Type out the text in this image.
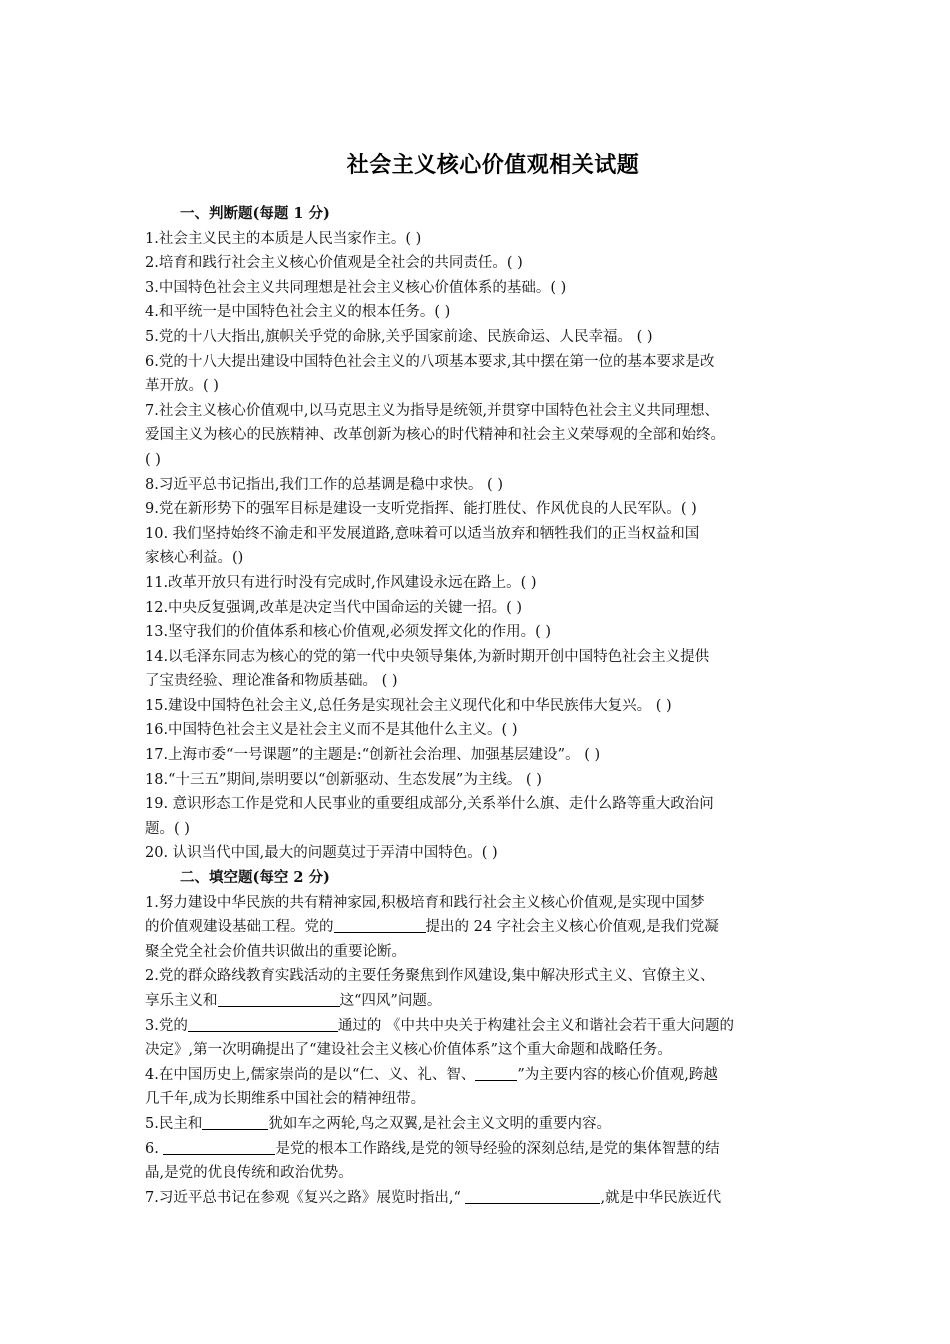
社会主义核心价值观相关试题
一、判断题(每题 1 分)
1.社会主义民主的本质是人民当家作主。( )
2.培育和践行社会主义核心价值观是全社会的共同责任。( )
3.中国特色社会主义共同理想是社会主义核心价值体系的基础。( )
4.和平统一是中国特色社会主义的根本任务。( )
5.党的十八大指出,旗帜关乎党的命脉,关乎国家前途、民族命运、人民幸福。 ( )
6.党的十八大提出建设中国特色社会主义的八项基本要求,其中摆在第一位的基本要求是改
革开放。( )
7.社会主义核心价值观中,以马克思主义为指导是统领,并贯穿中国特色社会主义共同理想、
爱国主义为核心的民族精神、改革创新为核心的时代精神和社会主义荣辱观的全部和始终。
( )
8.习近平总书记指出,我们工作的总基调是稳中求快。 ( )
9.党在新形势下的强军目标是建设一支听党指挥、能打胜仗、作风优良的人民军队。( )
10. 我们坚持始终不渝走和平发展道路,意味着可以适当放弃和牺牲我们的正当权益和国
家核心利益。()
11.改革开放只有进行时没有完成时,作风建设永远在路上。( )
12.中央反复强调,改革是决定当代中国命运的关键一招。( )
13.坚守我们的价值体系和核心价值观,必须发挥文化的作用。( )
14.以毛泽东同志为核心的党的第一代中央领导集体,为新时期开创中国特色社会主义提供
了宝贵经验、理论准备和物质基础。 ( )
15.建设中国特色社会主义,总任务是实现社会主义现代化和中华民族伟大复兴。 ( )
16.中国特色社会主义是社会主义而不是其他什么主义。( )
17.上海市委“一号课题”的主题是:“创新社会治理、加强基层建设”。 ( )
18.“十三五”期间,崇明要以“创新驱动、生态发展”为主线。 ( )
19. 意识形态工作是党和人民事业的重要组成部分,关系举什么旗、走什么路等重大政治问
题。( )
20. 认识当代中国,最大的问题莫过于弄清中国特色。( )
二、填空题(每空 2 分)
1.努力建设中华民族的共有精神家园,积极培育和践行社会主义核心价值观,是实现中国梦
的价值观建设基础工程。党的	提出的 24 字社会主义核心价值观,是我们党凝
聚全党全社会价值共识做出的重要论断。
2.党的群众路线教育实践活动的主要任务聚焦到作风建设,集中解决形式主义、官僚主义、
享乐主义和	这“四风”问题。
3.党的	通过的 《中共中央关于构建社会主义和谐社会若干重大问题的
决定》,第一次明确提出了“建设社会主义核心价值体系”这个重大命题和战略任务。
4.在中国历史上,儒家崇尚的是以“仁、义、礼、智、	”为主要内容的核心价值观,跨越
几千年,成为长期维系中国社会的精神纽带。
5.民主和	犹如车之两轮,鸟之双翼,是社会主义文明的重要内容。
6.	是党的根本工作路线,是党的领导经验的深刻总结,是党的集体智慧的结
晶,是党的优良传统和政治优势。
7.习近平总书记在参观《复兴之路》展览时指出,“	,就是中华民族近代
